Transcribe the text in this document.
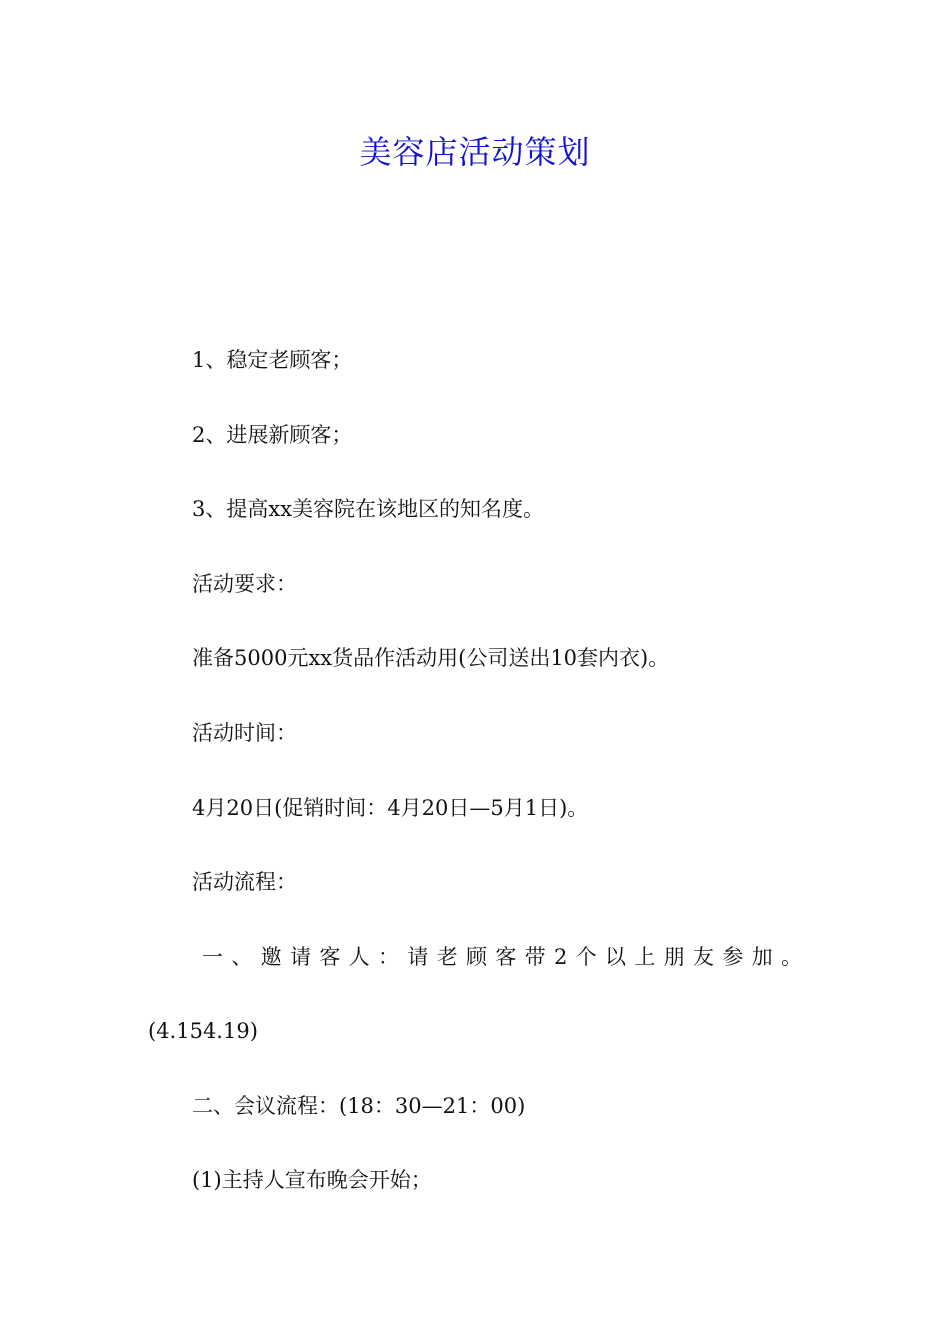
美容店活动策划
1、稳定老顾客；
2、进展新顾客；
3、提高xx美容院在该地区的知名度。
活动要求：
准备5000元xx货品作活动用(公司送出10套内衣)。
活动时间：
4月20日(促销时间：4月20日—5月1日)。
活动流程：
一、邀请客人：请老顾客带2个以上朋友参加。
(4.154.19)
二、会议流程：(18：30—21：00)
(1)主持人宣布晚会开始；
